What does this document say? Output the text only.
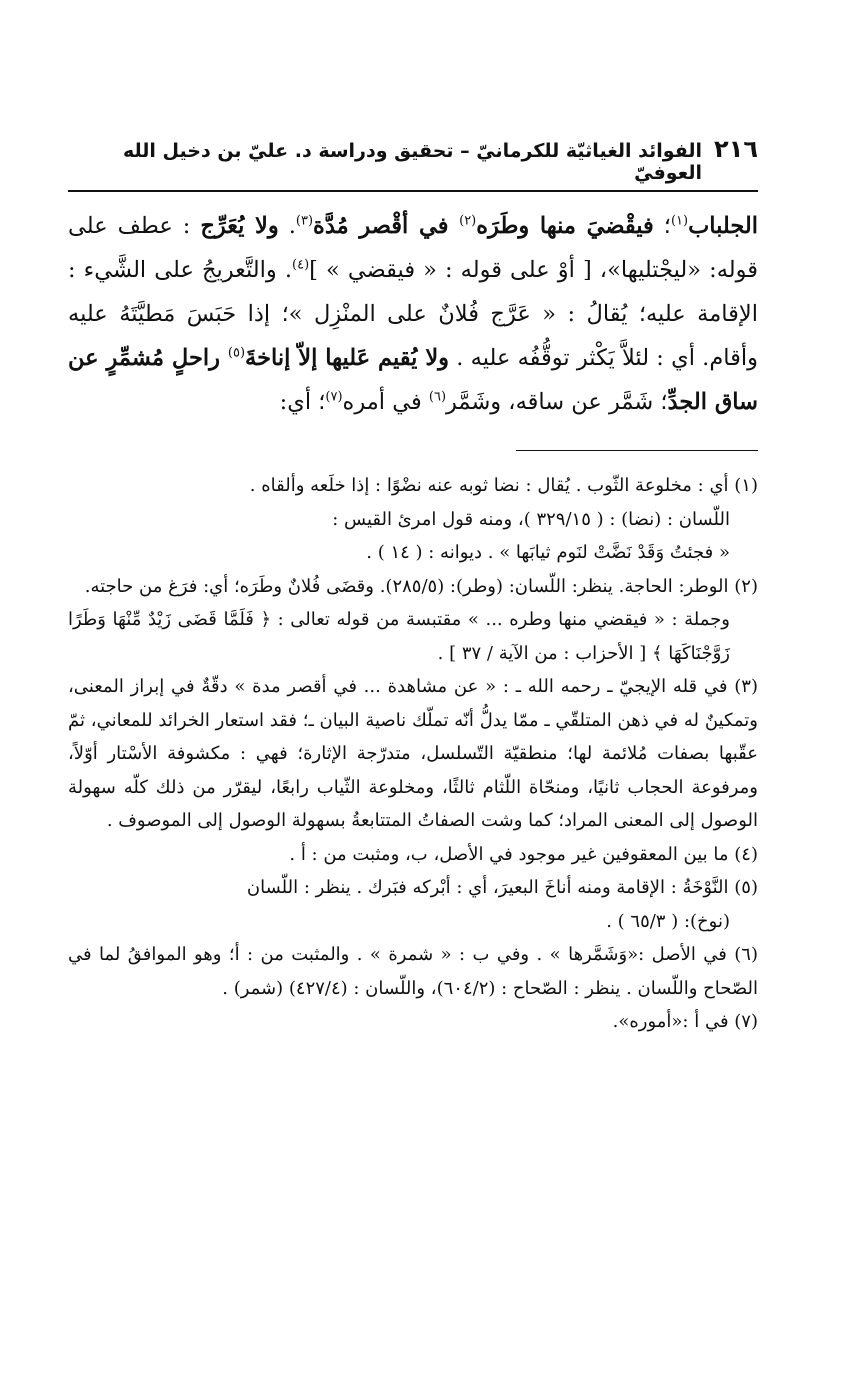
٢١٦
الفوائد الغياثيّة للكرمانيّ – تحقيق ودراسة د. عليّ بن دخيل الله العوفيّ

الجلباب$^{(١)}$؛ فيقْضيَ منها وطَرَه$^{(٢)}$ في أقْصر مُدَّة$^{(٣)}$. ولا يُعَرِّج : عطف على قوله: «ليجْتليها»، [ أوْ على قوله : « فيقضي » ]$^{(٤)}$. والتَّعريجُ على الشَّيء : الإقامة عليه؛ يُقالُ : « عَرَّج فُلانٌ على المنْزِل »؛ إذا حَبَسَ مَطيَّتَهُ عليه وأقام. أي : لئلاَّ يَكْثر توقُّفُه عليه . ولا يُقيم عَليها إلاّ إناخةَ$^{(٥)}$ راحلٍ مُشمِّرٍ عن ساق الجدِّ؛ شَمَّر عن ساقه، وشَمَّر$^{(٦)}$ في أمره$^{(٧)}$؛ أي:

(١) أي : مخلوعة الثّوب . يُقال : نضا ثوبه عنه نضْوًا : إذا خلَعه وألقاه .

اللّسان : (نضا) : ( ٣٢٩/١٥ )، ومنه قول امرئ القيس :

« فجئتُ وَقَدْ نَضَّتْ لنَوم ثيابَها » . ديوانه : ( ١٤ ) .

(٢) الوطر: الحاجة. ينظر: اللّسان: (وطر): (٢٨٥/٥). وقضَى فُلانٌ وطَرَه؛ أي: فرَغ من حاجته.

وجملة : « فيقضي منها وطره ... » مقتبسة من قوله تعالى : ﴿ فَلَمَّا قَضَى زَيْدٌ مِّنْهَا وَطَرًا زَوَّجْنَاكَهَا ﴾ [ الأحزاب : من الآية / ٣٧ ] .

(٣) في قله الإيجيّ ـ رحمه الله ـ : « عن مشاهدة ... في أقصر مدة » دقّةٌ في إبراز المعنى، وتمكينٌ له في ذهن المتلقّي ـ ممّا يدلُّ أنّه تملّك ناصية البيان ـ؛ فقد استعار الخرائد للمعاني، ثمّ عقّبها بصفات مُلائمة لها؛ منطقيّة التّسلسل، متدرّجة الإثارة؛ فهي : مكشوفة الأسْتار أوّلاً، ومرفوعة الحجاب ثانيًا، ومنحّاة اللّثام ثالثًا، ومخلوعة الثّياب رابعًا، ليقرّر من ذلك كلّه سهولة الوصول إلى المعنى المراد؛ كما وشت الصفاتُ المتتابعةُ بسهولة الوصول إلى الموصوف .

(٤) ما بين المعقوفين غير موجود في الأصل، ب، ومثبت من : أ .

(٥) النَّوْخَةُ : الإقامة ومنه أناخَ البعيرَ، أي : أبْركه فبَرك . ينظر : اللّسان

(نوخ): ( ٦٥/٣ ) .

(٦) في الأصل :«وَشَمَّرها » . وفي ب : « شمرة » . والمثبت من : أ؛ وهو الموافقُ لما في الصّحاح واللّسان . ينظر : الصّحاح : (٦٠٤/٢)، واللّسان : (٤٢٧/٤) (شمر) .

(٧) في أ :«أموره».
